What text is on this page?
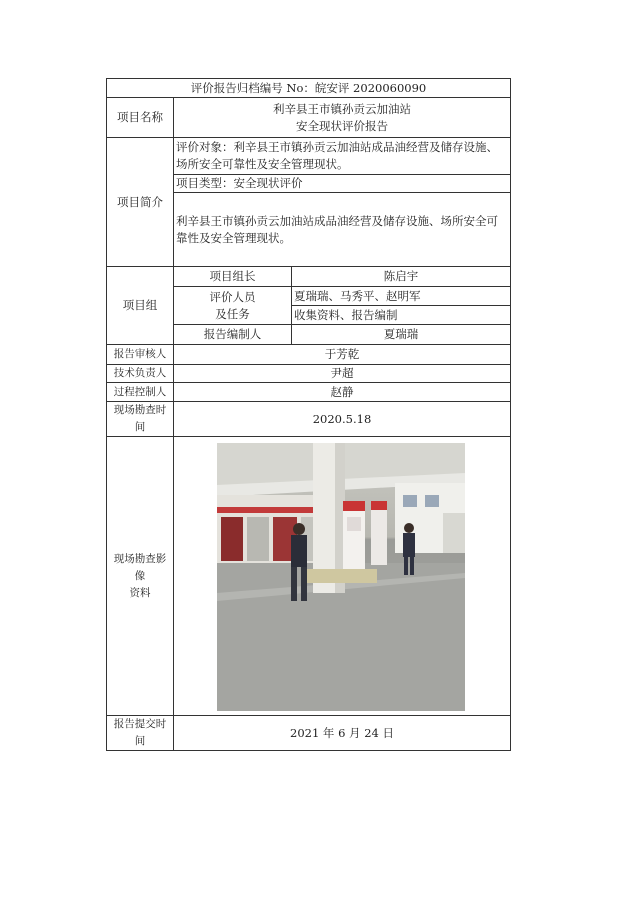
评价报告归档编号 No：皖安评 2020060090		
项目名称	利辛县王市镇孙贡云加油站
安全现状评价报告	

项目简介	评价对象：利辛县王市镇孙贡云加油站成品油经营及储存设施、场所安全可靠性及安全管理现状。	
	项目类型：安全现状评价	
	利辛县王市镇孙贡云加油站成品油经营及储存设施、场所安全可靠性及安全管理现状。	
项目组	项目组长	陈启宇

	评价人员
及任务	夏瑞瑞、马秀平、赵明军
		收集资料、报告编制
	报告编制人	夏瑞瑞
报告审核人	于芳乾	
技术负责人	尹超	
过程控制人	赵静	
现场勘查时间	2020.5.18	

现场勘查影像
资料

报告提交时间	2021 年 6 月 24 日	
